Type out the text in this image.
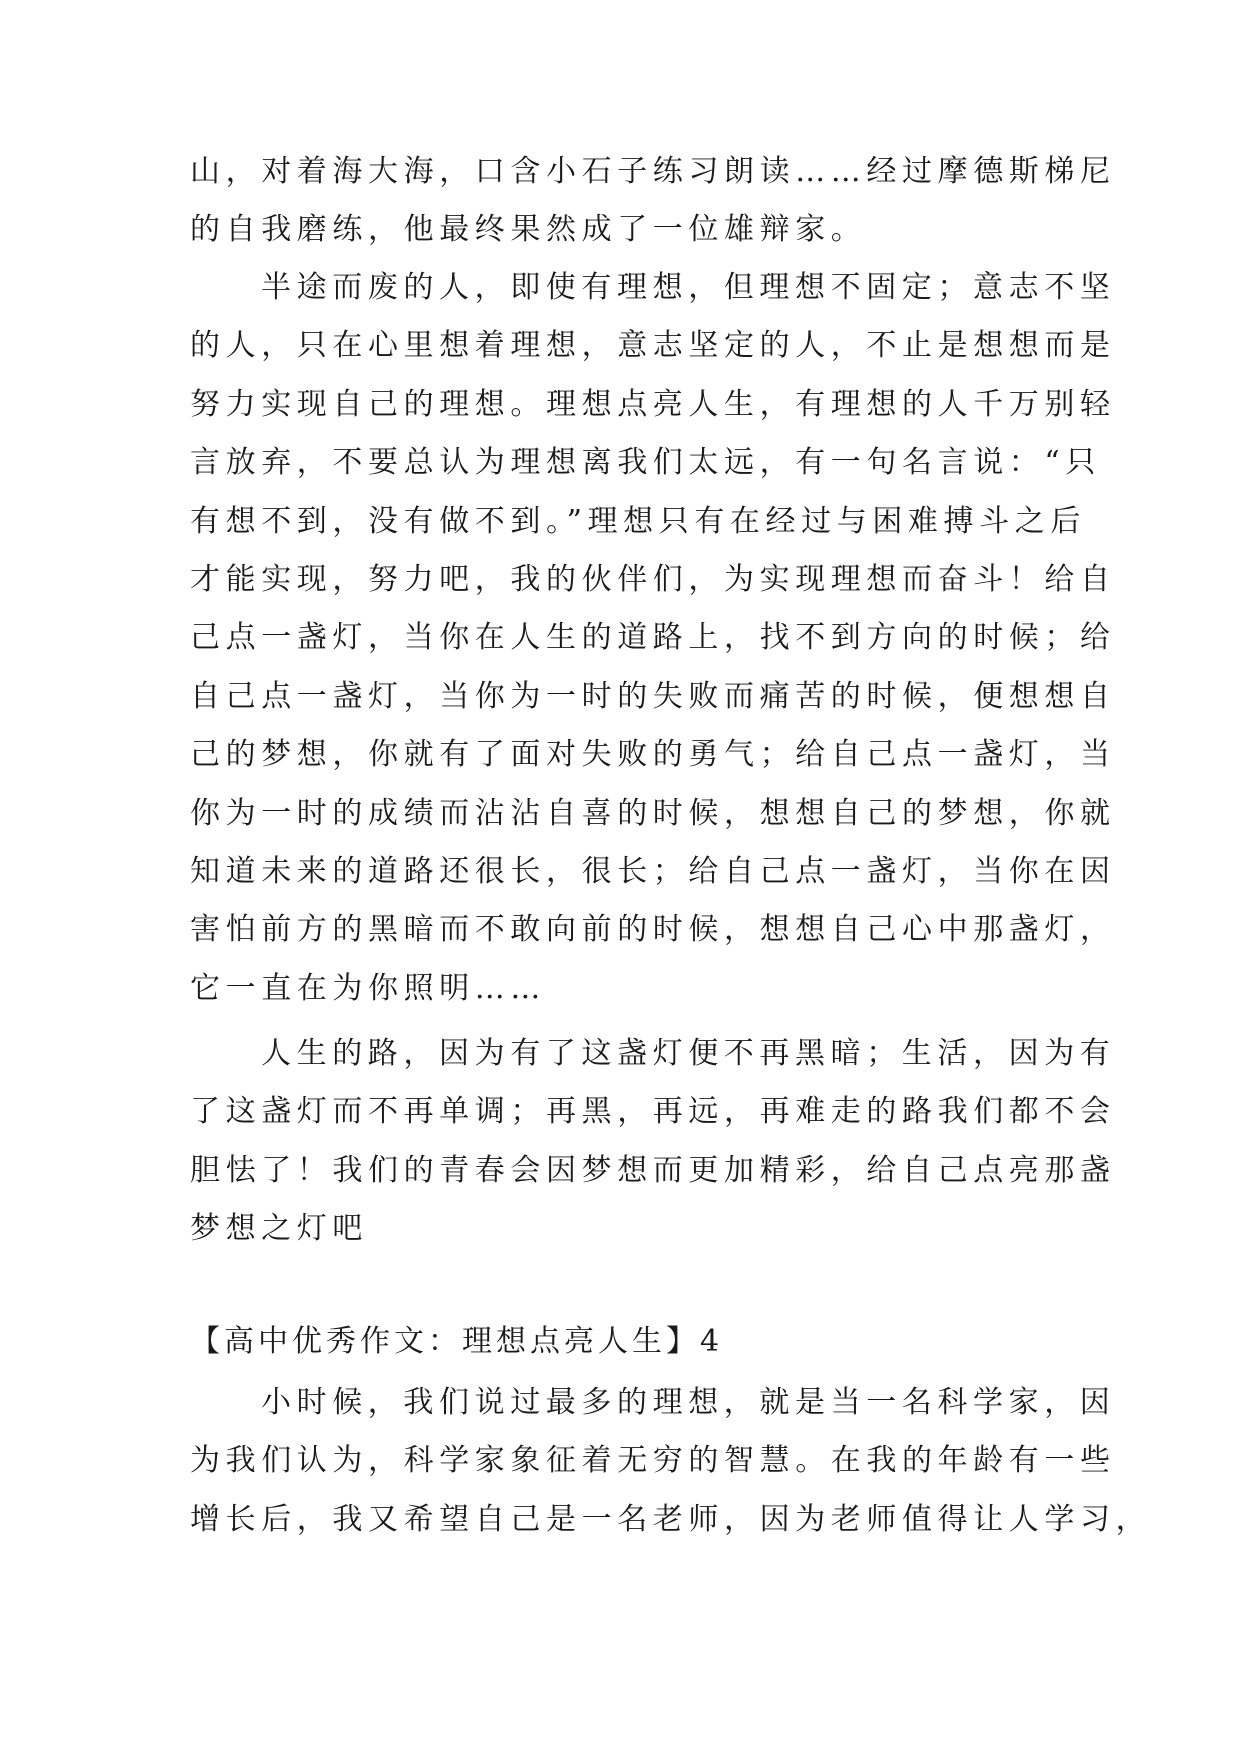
山，对着海大海，口含小石子练习朗读……经过摩德斯梯尼
的自我磨练，他最终果然成了一位雄辩家。
半途而废的人，即使有理想，但理想不固定；意志不坚
的人，只在心里想着理想，意志坚定的人，不止是想想而是
努力实现自己的理想。理想点亮人生，有理想的人千万别轻
言放弃，不要总认为理想离我们太远，有一句名言说：“只
有想不到，没有做不到。”理想只有在经过与困难搏斗之后
才能实现，努力吧，我的伙伴们，为实现理想而奋斗！给自
己点一盏灯，当你在人生的道路上，找不到方向的时候；给
自己点一盏灯，当你为一时的失败而痛苦的时候，便想想自
己的梦想，你就有了面对失败的勇气；给自己点一盏灯，当
你为一时的成绩而沾沾自喜的时候，想想自己的梦想，你就
知道未来的道路还很长，很长；给自己点一盏灯，当你在因
害怕前方的黑暗而不敢向前的时候，想想自己心中那盏灯，
它一直在为你照明……
人生的路，因为有了这盏灯便不再黑暗；生活，因为有
了这盏灯而不再单调；再黑，再远，再难走的路我们都不会
胆怯了！我们的青春会因梦想而更加精彩，给自己点亮那盏
梦想之灯吧
【高中优秀作文：理想点亮人生】4
小时候，我们说过最多的理想，就是当一名科学家，因
为我们认为，科学家象征着无穷的智慧。在我的年龄有一些
增长后，我又希望自己是一名老师，因为老师值得让人学习，
